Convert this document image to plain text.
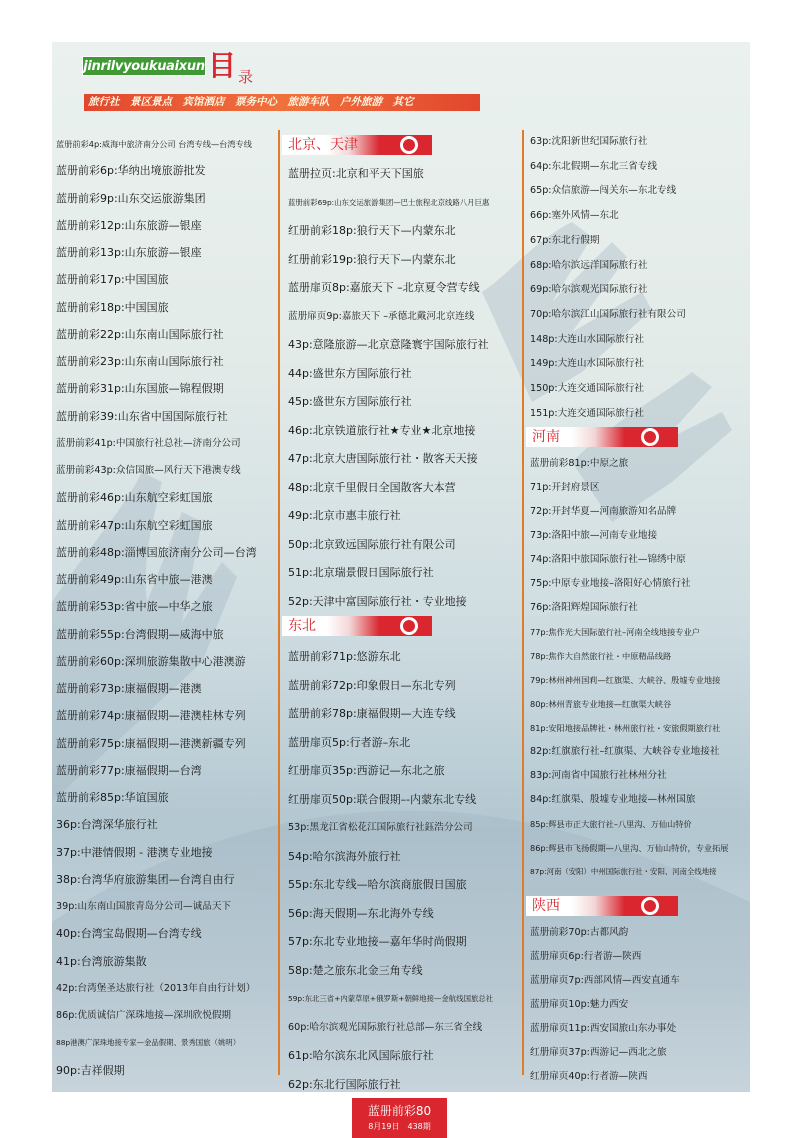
jinrilvyoukuaixun 目 录
旅行社　景区景点　宾馆酒店　票务中心　旅游车队　户外旅游　其它
蓝册前彩4p:威海中旅济南分公司 台湾专线—台湾专线
蓝册前彩6p:华纳出境旅游批发
蓝册前彩9p:山东交运旅游集团
蓝册前彩12p:山东旅游—银座
蓝册前彩13p:山东旅游—银座
蓝册前彩17p:中国国旅
蓝册前彩18p:中国国旅
蓝册前彩22p:山东南山国际旅行社
蓝册前彩23p:山东南山国际旅行社
蓝册前彩31p:山东国旅—锦程假期
蓝册前彩39:山东省中国国际旅行社
蓝册前彩41p:中国旅行社总社—济南分公司
蓝册前彩43p:众信国旅—风行天下港澳专线
蓝册前彩46p:山东航空彩虹国旅
蓝册前彩47p:山东航空彩虹国旅
蓝册前彩48p:淄博国旅济南分公司—台湾
蓝册前彩49p:山东省中旅—港澳
蓝册前彩53p:省中旅—中华之旅
蓝册前彩55p:台湾假期—威海中旅
蓝册前彩60p:深圳旅游集散中心港澳游
蓝册前彩73p:康福假期—港澳
蓝册前彩74p:康福假期—港澳桂林专列
蓝册前彩75p:康福假期—港澳新疆专列
蓝册前彩77p:康福假期—台湾
蓝册前彩85p:华谊国旅
36p:台湾深华旅行社
37p:中港情假期 - 港澳专业地接
38p:台湾华府旅游集团—台湾自由行
39p:山东南山国旅青岛分公司—诚品天下
40p:台湾宝岛假期—台湾专线
41p:台湾旅游集散
42p:台湾堡圣达旅行社（2013年自由行计划）
86p:优质诚信广深珠地接—深圳欣悦假期
88p港澳广深珠地接专家—金品假期、景秀国旅（姚明）
90p:吉祥假期
北京、天津
东北
蓝册拉页:北京和平天下国旅
蓝册前彩69p:山东交运旅游集团—巴士旅程北京线路八月巨惠
红册前彩18p:狼行天下—内蒙东北
红册前彩19p:狼行天下—内蒙东北
蓝册扉页8p:嘉旅天下 –北京夏令营专线
蓝册扉页9p:嘉旅天下 –承德北戴河北京连线
43p:意隆旅游—北京意隆寰宇国际旅行社
44p:盛世东方国际旅行社
45p:盛世东方国际旅行社
46p:北京铁道旅行社★专业★北京地接
47p:北京大唐国际旅行社・散客天天接
48p:北京千里假日全国散客大本营
49p:北京市惠丰旅行社
50p:北京致远国际旅行社有限公司
51p:北京瑞景假日国际旅行社
52p:天津中富国际旅行社・专业地接
蓝册前彩71p:悠游东北
蓝册前彩72p:印象假日—东北专列
蓝册前彩78p:康福假期—大连专线
蓝册扉页5p:行者游–东北
红册扉页35p:西游记—东北之旅
红册扉页50p:联合假期–-内蒙东北专线
53p:黑龙江省松花江国际旅行社鈺浩分公司
54p:哈尔滨海外旅行社
55p:东北专线—哈尔滨商旅假日国旅
56p:海天假期—东北海外专线
57p:东北专业地接—嘉年华时尚假期
58p:楚之旅东北金三角专线
59p:东北三省+内蒙草原+俄罗斯+朝鲜地接—金航线国旅总社
60p:哈尔滨观光国际旅行社总部—东三省全线
61p:哈尔滨东北风国际旅行社
62p:东北行国际旅行社
河南
陕西
63p:沈阳新世纪国际旅行社
64p:东北假期—东北三省专线
65p:众信旅游—闯关东—东北专线
66p:塞外风情—东北
67p:东北行假期
68p:哈尔滨远洋国际旅行社
69p:哈尔滨观光国际旅行社
70p:哈尔滨江山国际旅行社有限公司
148p:大连山水国际旅行社
149p:大连山水国际旅行社
150p:大连交通国际旅行社
151p:大连交通国际旅行社
蓝册前彩81p:中原之旅
71p:开封府景区
72p:开封华夏—河南旅游知名品牌
73p:洛阳中旅—河南专业地接
74p:洛阳中旅国际旅行社—锦绣中原
75p:中原专业地接–洛阳好心情旅行社
76p:洛阳辉煌国际旅行社
77p:焦作光大国际旅行社–河南全线地接专业户
78p:焦作大自然旅行社・中原精品线路
79p:林州神州国莉—红旗渠、大峡谷、殷墟专业地接
80p:林州青旅专业地接—红旗渠大峡谷
81p:安阳地接品牌社・林州旅行社・安旅假期旅行社
82p:红旗旅行社–红旗渠、大峡谷专业地接社
83p:河南省中国旅行社林州分社
84p:红旗渠、殷墟专业地接—林州国旅
85p:辉县市正大旅行社–八里沟、万仙山特价
86p:辉县市飞扬假期—八里沟、万仙山特价，专业拓展
87p:河南（安阳）中州国际旅行社・安阳、河南全线地接
蓝册前彩70p:古都风韵
蓝册扉页6p:行者游—陕西
蓝册扉页7p:西部风情—西安直通车
蓝册扉页10p:魅力西安
蓝册扉页11p:西安国旅山东办事处
红册扉页37p:西游记—西北之旅
红册扉页40p:行者游—陕西
蓝册前彩80
8月19日　438期
